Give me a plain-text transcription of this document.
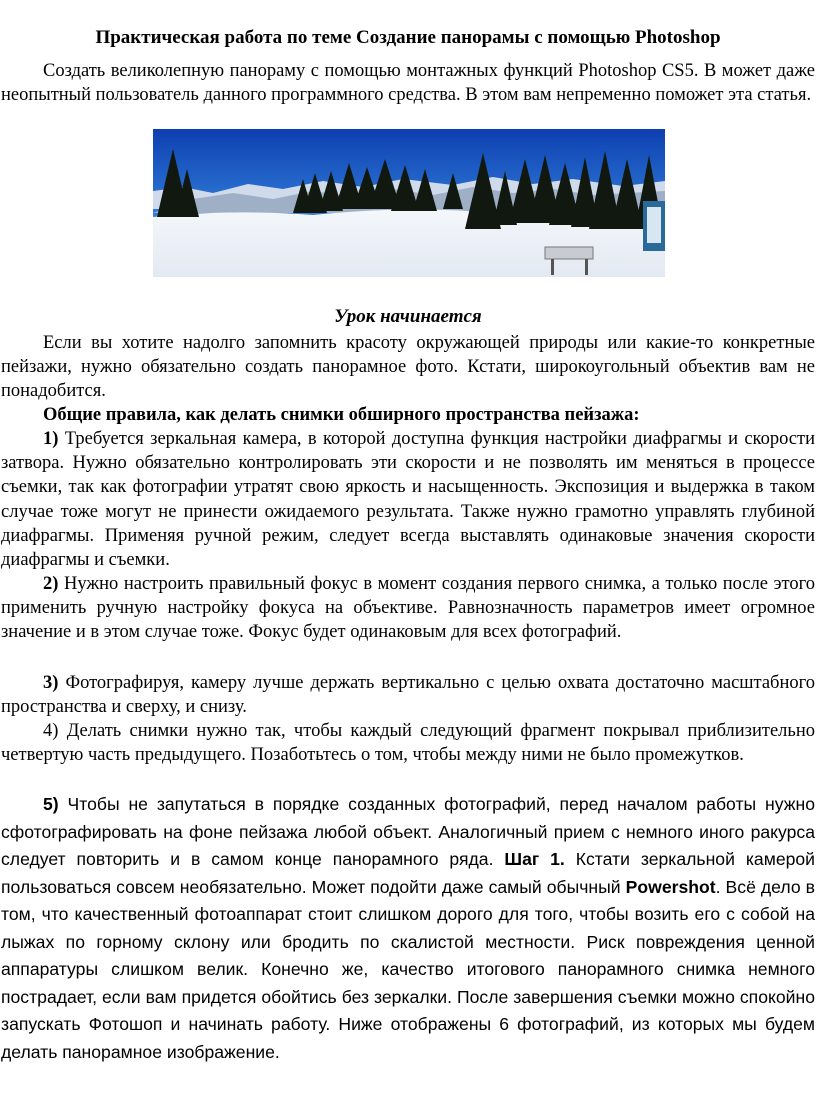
Практическая работа по теме Создание панорамы с помощью Photoshop
Создать великолепную панораму с помощью монтажных функций Photoshop CS5. В может даже неопытный пользователь данного программного средства. В этом вам непременно поможет эта статья.
Урок начинается
Если вы хотите надолго запомнить красоту окружающей природы или какие-то конкретные пейзажи, нужно обязательно создать панорамное фото. Кстати, широкоугольный объектив вам не понадобится.
Общие правила, как делать снимки обширного пространства пейзажа:
1) Требуется зеркальная камера, в которой доступна функция настройки диафрагмы и скорости затвора. Нужно обязательно контролировать эти скорости и не позволять им меняться в процессе съемки, так как фотографии утратят свою яркость и насыщенность. Экспозиция и выдержка в таком случае тоже могут не принести ожидаемого результата. Также нужно грамотно управлять глубиной диафрагмы. Применяя ручной режим, следует всегда выставлять одинаковые значения скорости диафрагмы и съемки.
2) Нужно настроить правильный фокус в момент создания первого снимка, а только после этого применить ручную настройку фокуса на объективе. Равнозначность параметров имеет огромное значение и в этом случае тоже. Фокус будет одинаковым для всех фотографий.
3) Фотографируя, камеру лучше держать вертикально с целью охвата достаточно масштабного пространства и сверху, и снизу.
4) Делать снимки нужно так, чтобы каждый следующий фрагмент покрывал приблизительно четвертую часть предыдущего. Позаботьтесь о том, чтобы между ними не было промежутков.
5) Чтобы не запутаться в порядке созданных фотографий, перед началом работы нужно сфотографировать на фоне пейзажа любой объект. Аналогичный прием с немного иного ракурса следует повторить и в самом конце панорамного ряда. Шаг 1. Кстати зеркальной камерой пользоваться совсем необязательно. Может подойти даже самый обычный Powershot. Всё дело в том, что качественный фотоаппарат стоит слишком дорого для того, чтобы возить его с собой на лыжах по горному склону или бродить по скалистой местности. Риск повреждения ценной аппаратуры слишком велик. Конечно же, качество итогового панорамного снимка немного пострадает, если вам придется обойтись без зеркалки. После завершения съемки можно спокойно запускать Фотошоп и начинать работу. Ниже отображены 6 фотографий, из которых мы будем делать панорамное изображение.
